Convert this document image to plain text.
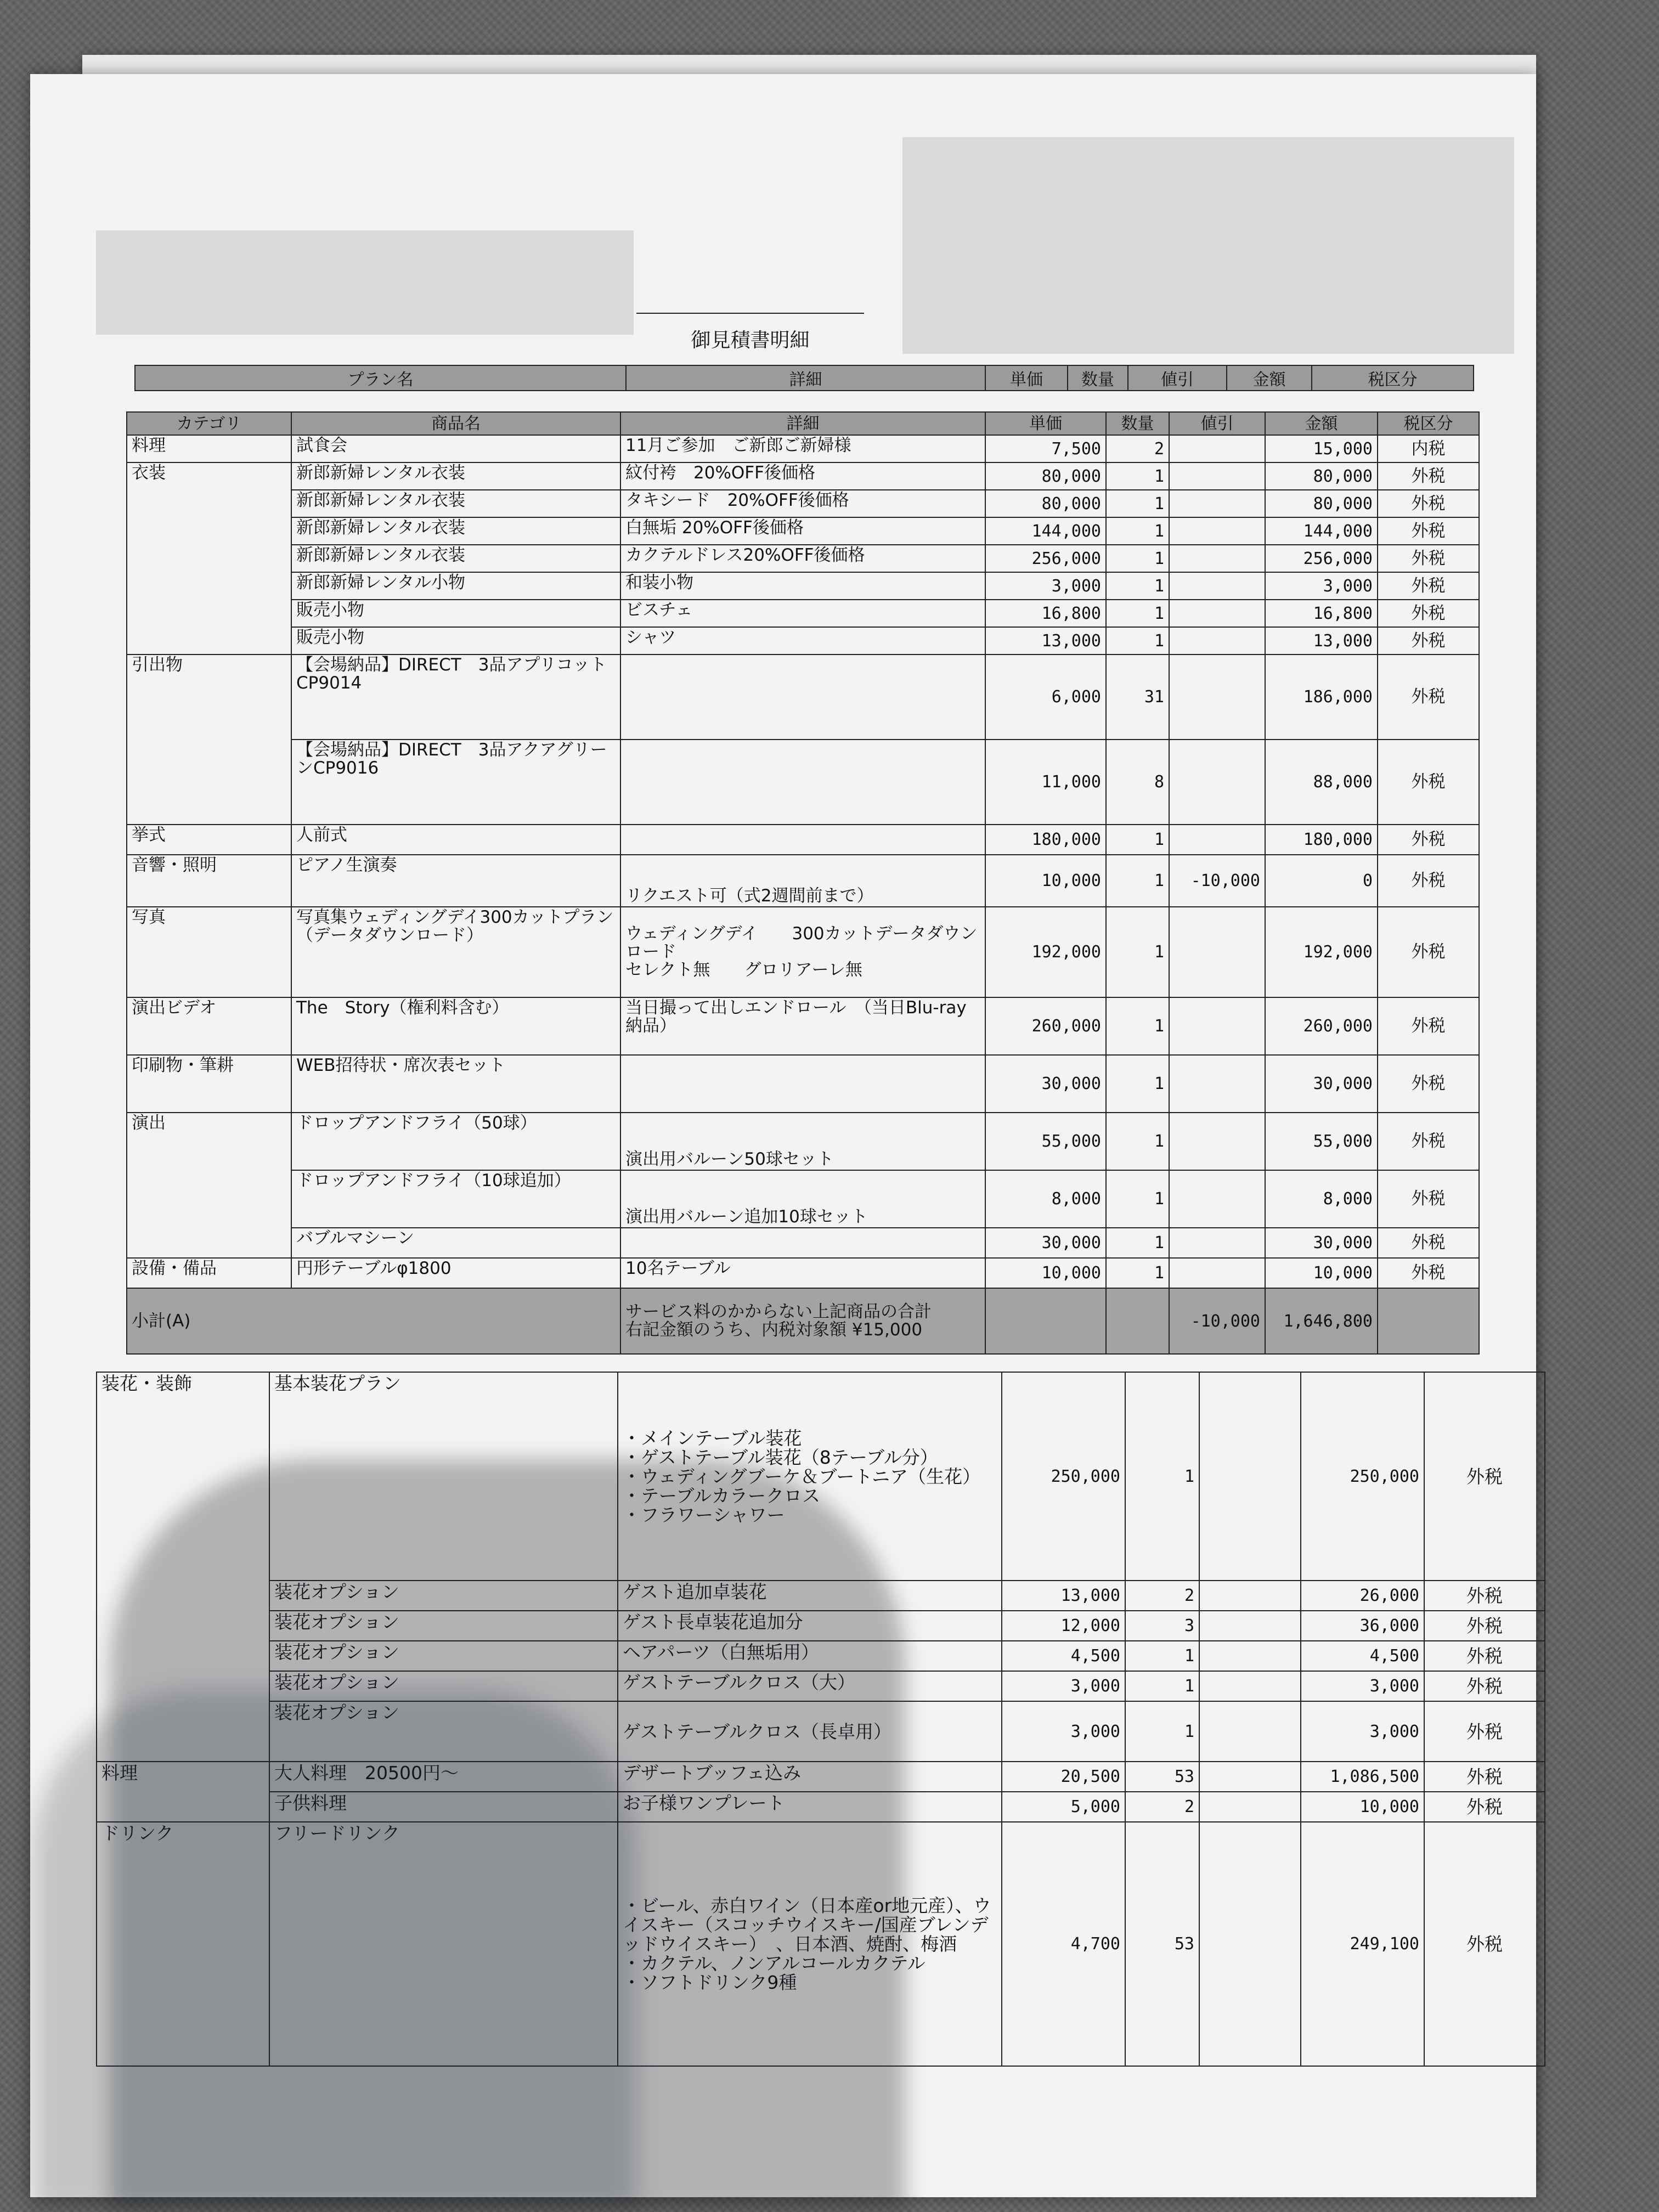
御見積書明細
プラン名	詳細	単価	数量	値引	金額	税区分
カテゴリ	商品名	詳細	単価	数量	値引	金額	税区分
料理	試食会	11月ご参加　ご新郎ご新婦様	7,500	2		15,000	内税
衣装	新郎新婦レンタル衣装	紋付袴　20%OFF後価格	80,000	1		80,000	外税
	新郎新婦レンタル衣装	タキシード　20%OFF後価格	80,000	1		80,000	外税
	新郎新婦レンタル衣装	白無垢 20%OFF後価格	144,000	1		144,000	外税
	新郎新婦レンタル衣装	カクテルドレス20%OFF後価格	256,000	1		256,000	外税
	新郎新婦レンタル小物	和装小物	3,000	1		3,000	外税
	販売小物	ビスチェ	16,800	1		16,800	外税
	販売小物	シャツ	13,000	1		13,000	外税
引出物	【会場納品】DIRECT　3品アプリコットCP9014		6,000	31		186,000	外税
	【会場納品】DIRECT　3品アクアグリーンCP9016		11,000	8		88,000	外税
挙式	人前式		180,000	1		180,000	外税
音響・照明	ピアノ生演奏	リクエスト可（式2週間前まで）	10,000	1	-10,000	0	外税
写真	写真集ウェディングデイ300カットプラン（データダウンロード）	ウェディングデイ　　300カットデータダウンロード
セレクト無　　グロリアーレ無	192,000	1		192,000	外税
演出ビデオ	The　Story（権利料含む）	当日撮って出しエンドロール　（当日Blu-ray納品）	260,000	1		260,000	外税
印刷物・筆耕	WEB招待状・席次表セット		30,000	1		30,000	外税
演出	ドロップアンドフライ（50球）	演出用バルーン50球セット	55,000	1		55,000	外税
	ドロップアンドフライ（10球追加）	演出用バルーン追加10球セット	8,000	1		8,000	外税
	バブルマシーン		30,000	1		30,000	外税
設備・備品	円形テーブルφ1800	10名テーブル	10,000	1		10,000	外税
小計(A)		サービス料のかからない上記商品の合計
右記金額のうち、内税対象額 ¥15,000			-10,000	1,646,800	
装花・装飾	基本装花プラン	・メインテーブル装花
・ゲストテーブル装花（8テーブル分）
・ウェディングブーケ＆ブートニア（生花）
・テーブルカラークロス
・フラワーシャワー	250,000	1		250,000	外税
	装花オプション	ゲスト追加卓装花	13,000	2		26,000	外税
	装花オプション	ゲスト長卓装花追加分	12,000	3		36,000	外税
	装花オプション	ヘアパーツ（白無垢用）	4,500	1		4,500	外税
	装花オプション	ゲストテーブルクロス（大）	3,000	1		3,000	外税
	装花オプション	ゲストテーブルクロス（長卓用）	3,000	1		3,000	外税
料理	大人料理　20500円～	デザートブッフェ込み	20,500	53		1,086,500	外税
	子供料理	お子様ワンプレート	5,000	2		10,000	外税
ドリンク	フリードリンク	・ビール、赤白ワイン（日本産or地元産）、ウイスキー（スコッチウイスキー/国産ブレンデッドウイスキー）　、日本酒、焼酎、梅酒
・カクテル、ノンアルコールカクテル
・ソフトドリンク9種	4,700	53		249,100	外税
